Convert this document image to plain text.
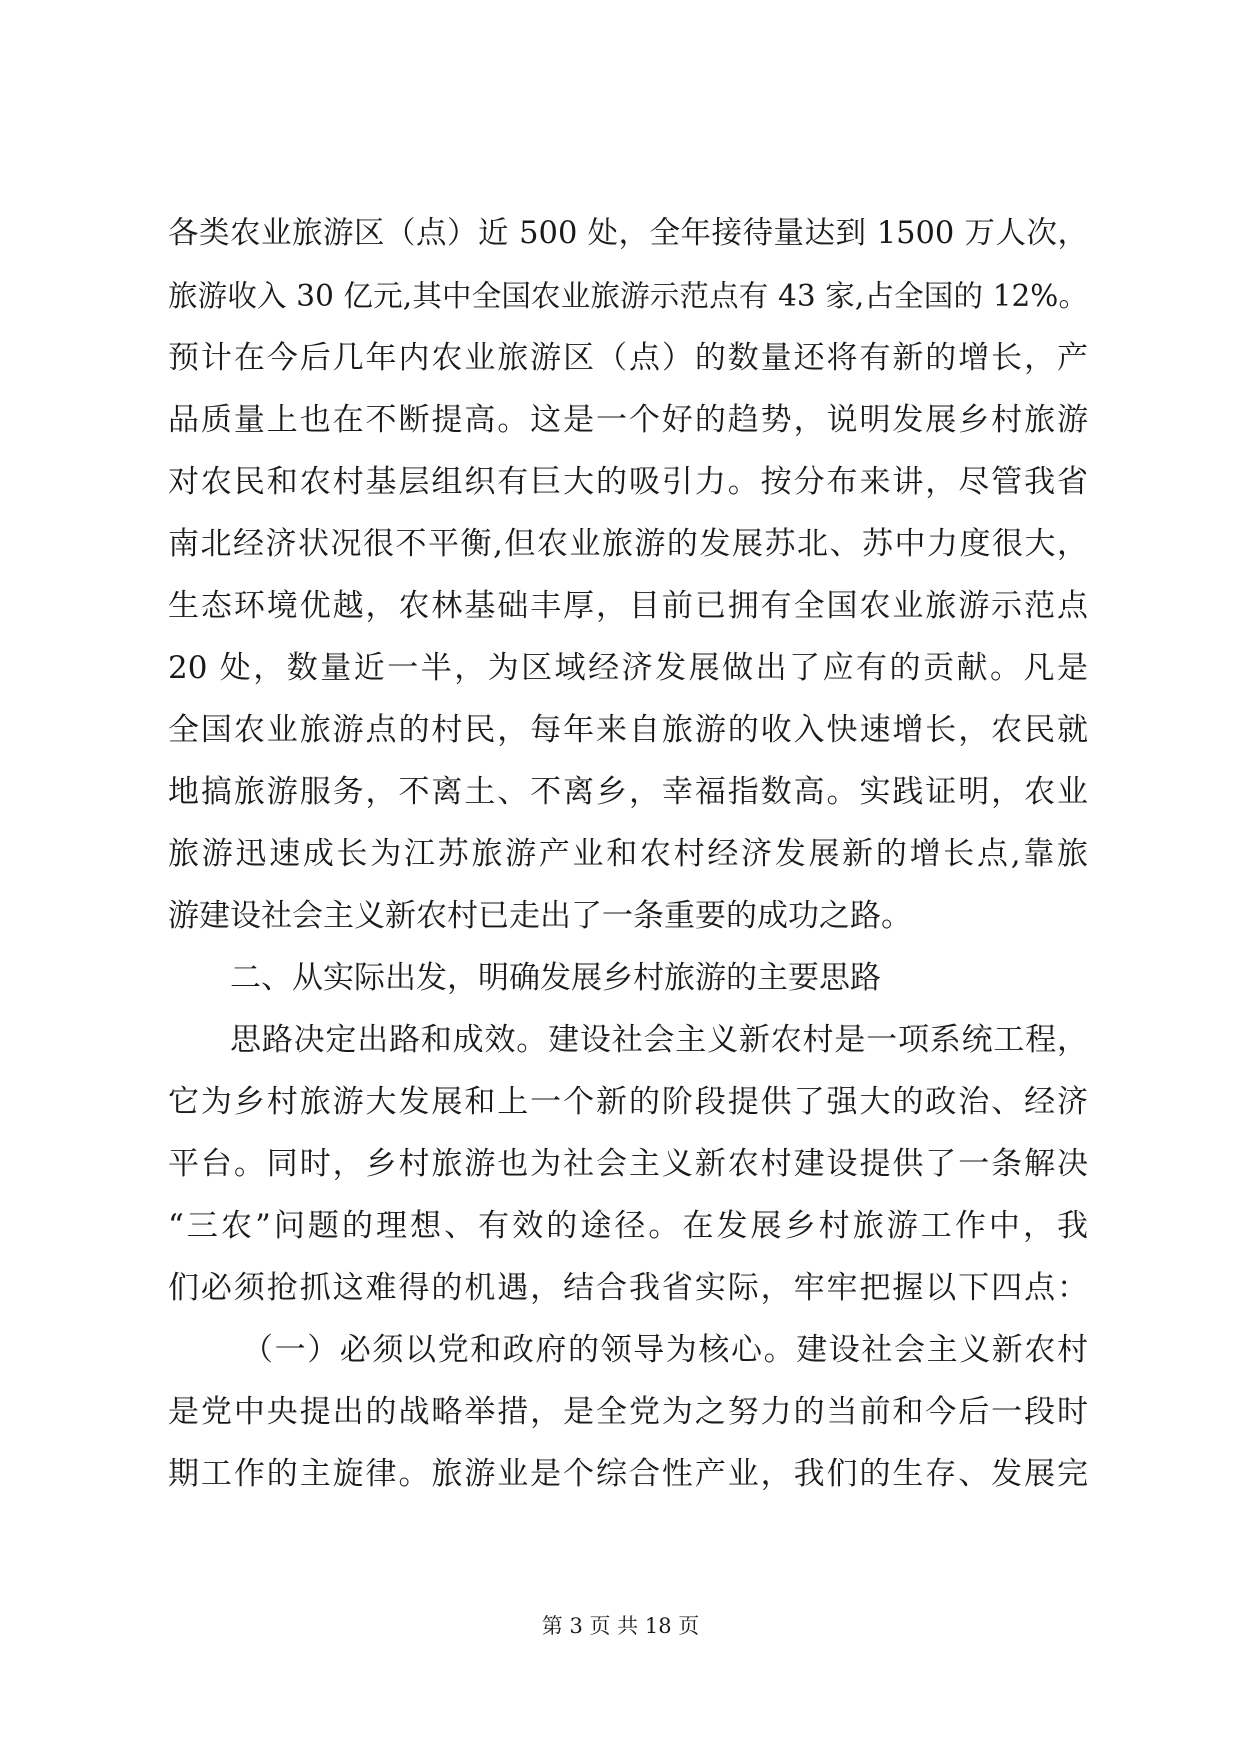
各类农业旅游区（点）近 500 处，全年接待量达到 1500 万人次，
旅游收入 30 亿元,其中全国农业旅游示范点有 43 家,占全国的 12%。
预计在今后几年内农业旅游区（点）的数量还将有新的增长，产
品质量上也在不断提高。这是一个好的趋势，说明发展乡村旅游
对农民和农村基层组织有巨大的吸引力。按分布来讲，尽管我省
南北经济状况很不平衡,但农业旅游的发展苏北、苏中力度很大，
生态环境优越，农林基础丰厚，目前已拥有全国农业旅游示范点
20 处，数量近一半，为区域经济发展做出了应有的贡献。凡是
全国农业旅游点的村民，每年来自旅游的收入快速增长，农民就
地搞旅游服务，不离土、不离乡，幸福指数高。实践证明，农业
旅游迅速成长为江苏旅游产业和农村经济发展新的增长点,靠旅
游建设社会主义新农村已走出了一条重要的成功之路。
二、从实际出发，明确发展乡村旅游的主要思路
思路决定出路和成效。建设社会主义新农村是一项系统工程，
它为乡村旅游大发展和上一个新的阶段提供了强大的政治、经济
平台。同时，乡村旅游也为社会主义新农村建设提供了一条解决
“三农”问题的理想、有效的途径。在发展乡村旅游工作中，我
们必须抢抓这难得的机遇，结合我省实际，牢牢把握以下四点：
（一）必须以党和政府的领导为核心。建设社会主义新农村
是党中央提出的战略举措，是全党为之努力的当前和今后一段时
期工作的主旋律。旅游业是个综合性产业，我们的生存、发展完
第 3 页 共 18 页
